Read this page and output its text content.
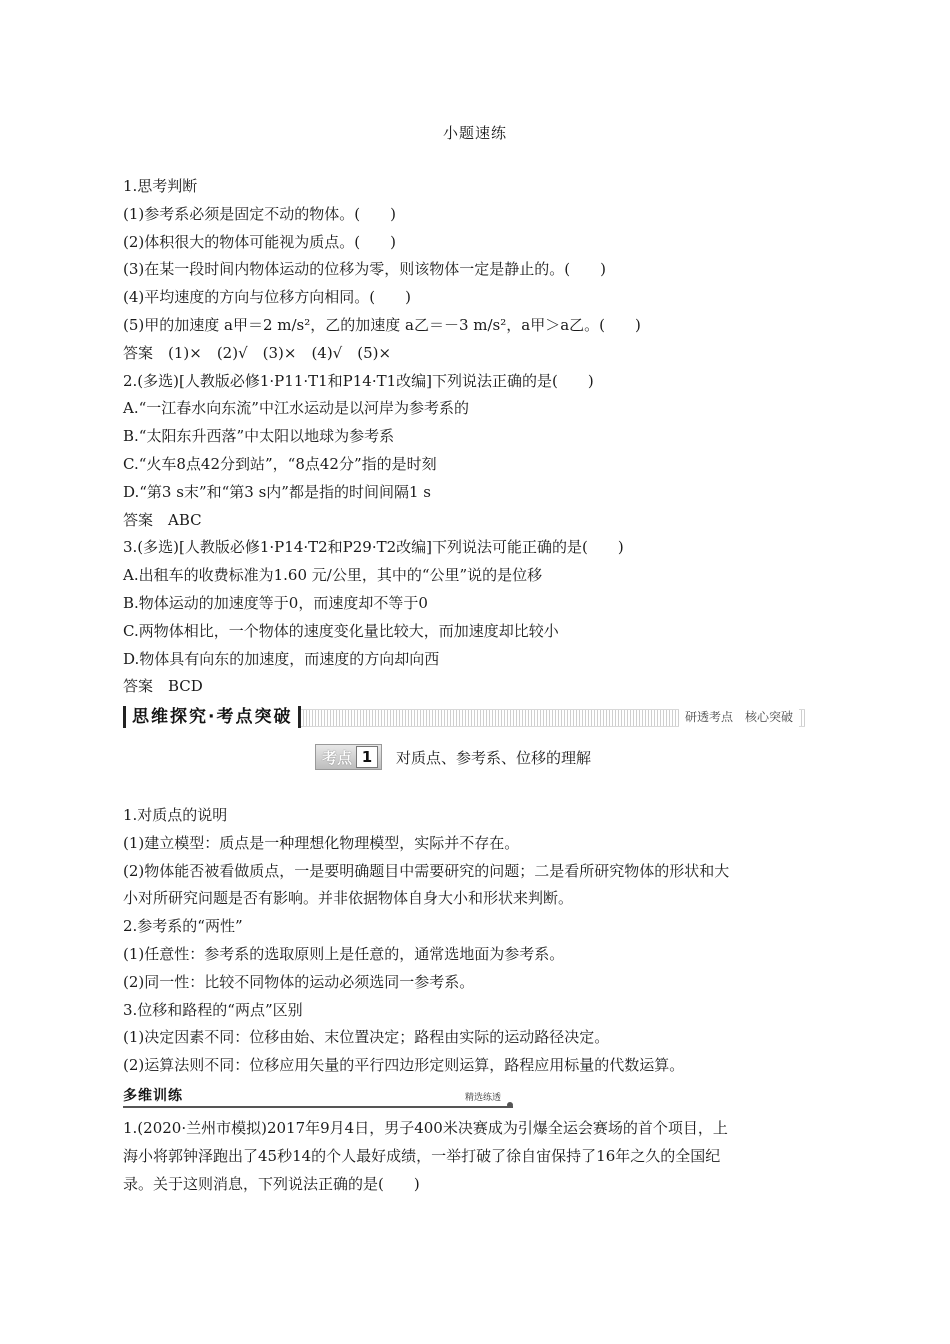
小题速练
1.思考判断
(1)参考系必须是固定不动的物体。(　　)
(2)体积很大的物体可能视为质点。(　　)
(3)在某一段时间内物体运动的位移为零，则该物体一定是静止的。(　　)
(4)平均速度的方向与位移方向相同。(　　)
(5)甲的加速度 a甲＝2 m/s²，乙的加速度 a乙＝－3 m/s²，a甲＞a乙。(　　)
答案　(1)×　(2)√　(3)×　(4)√　(5)×
2.(多选)[人教版必修1·P11·T1和P14·T1改编]下列说法正确的是(　　)
A.“一江春水向东流”中江水运动是以河岸为参考系的
B.“太阳东升西落”中太阳以地球为参考系
C.“火车8点42分到站”，“8点42分”指的是时刻
D.“第3 s末”和“第3 s内”都是指的时间间隔1 s
答案　ABC
3.(多选)[人教版必修1·P14·T2和P29·T2改编]下列说法可能正确的是(　　)
A.出租车的收费标准为1.60 元/公里，其中的“公里”说的是位移
B.物体运动的加速度等于0，而速度却不等于0
C.两物体相比，一个物体的速度变化量比较大，而加速度却比较小
D.物体具有向东的加速度，而速度的方向却向西
答案　BCD
思维探究·考点突破	研透考点　核心突破
考点 1	对质点、参考系、位移的理解
1.对质点的说明
(1)建立模型：质点是一种理想化物理模型，实际并不存在。
(2)物体能否被看做质点，一是要明确题目中需要研究的问题；二是看所研究物体的形状和大
小对所研究问题是否有影响。并非依据物体自身大小和形状来判断。
2.参考系的“两性”
(1)任意性：参考系的选取原则上是任意的，通常选地面为参考系。
(2)同一性：比较不同物体的运动必须选同一参考系。
3.位移和路程的“两点”区别
(1)决定因素不同：位移由始、末位置决定；路程由实际的运动路径决定。
(2)运算法则不同：位移应用矢量的平行四边形定则运算，路程应用标量的代数运算。
多维训练	精选练透
1.(2020·兰州市模拟)2017年9月4日，男子400米决赛成为引爆全运会赛场的首个项目，上
海小将郭钟泽跑出了45秒14的个人最好成绩，一举打破了徐自宙保持了16年之久的全国纪
录。关于这则消息，下列说法正确的是(　　)
